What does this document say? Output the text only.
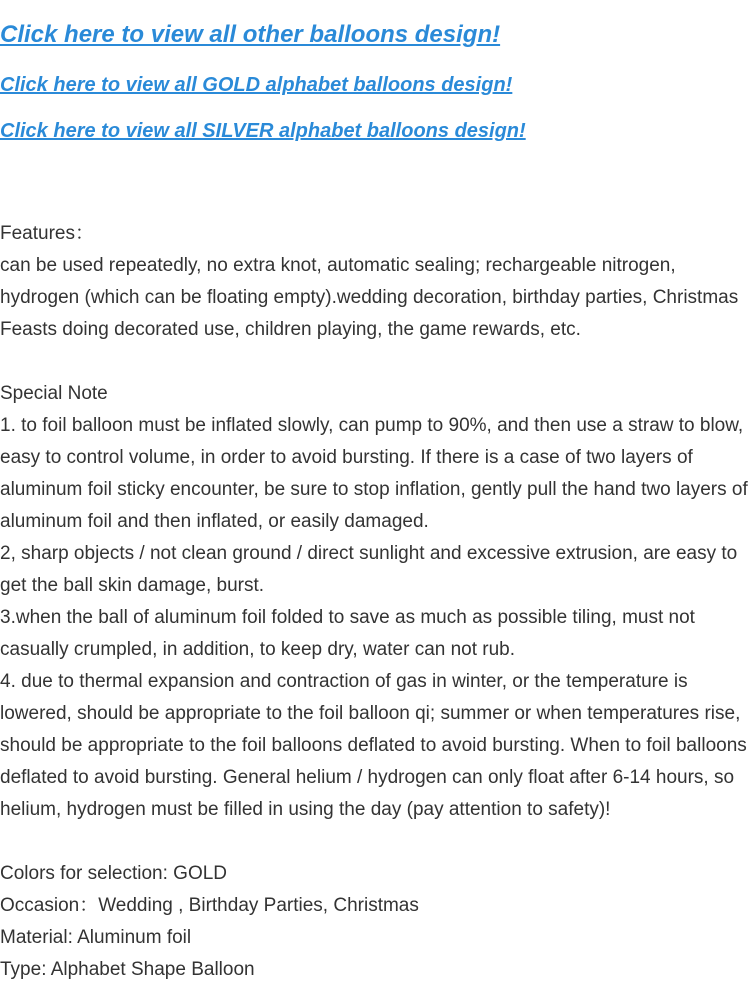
Click here to view all other balloons design!
Click here to view all GOLD alphabet balloons design!
Click here to view all SILVER alphabet balloons design!

Features：

can be used repeatedly, no extra knot, automatic sealing; rechargeable nitrogen, hydrogen (which can be floating empty).wedding decoration, birthday parties, Christmas Feasts doing decorated use, children playing, the game rewards, etc.

Special Note

1. to foil balloon must be inflated slowly, can pump to 90%, and then use a straw to blow, easy to control volume, in order to avoid bursting. If there is a case of two layers of aluminum foil sticky encounter, be sure to stop inflation, gently pull the hand two layers of aluminum foil and then inflated, or easily damaged.

2, sharp objects / not clean ground / direct sunlight and excessive extrusion, are easy to get the ball skin damage, burst.

3.when the ball of aluminum foil folded to save as much as possible tiling, must not casually crumpled, in addition, to keep dry, water can not rub.

4. due to thermal expansion and contraction of gas in winter, or the temperature is lowered, should be appropriate to the foil balloon qi; summer or when temperatures rise, should be appropriate to the foil balloons deflated to avoid bursting. When to foil balloons deflated to avoid bursting. General helium / hydrogen can only float after 6-14 hours, so helium, hydrogen must be filled in using the day (pay attention to safety)!

Colors for selection: GOLD

Occasion：Wedding , Birthday Parties, Christmas

Material: Aluminum foil

Type: Alphabet Shape Balloon
